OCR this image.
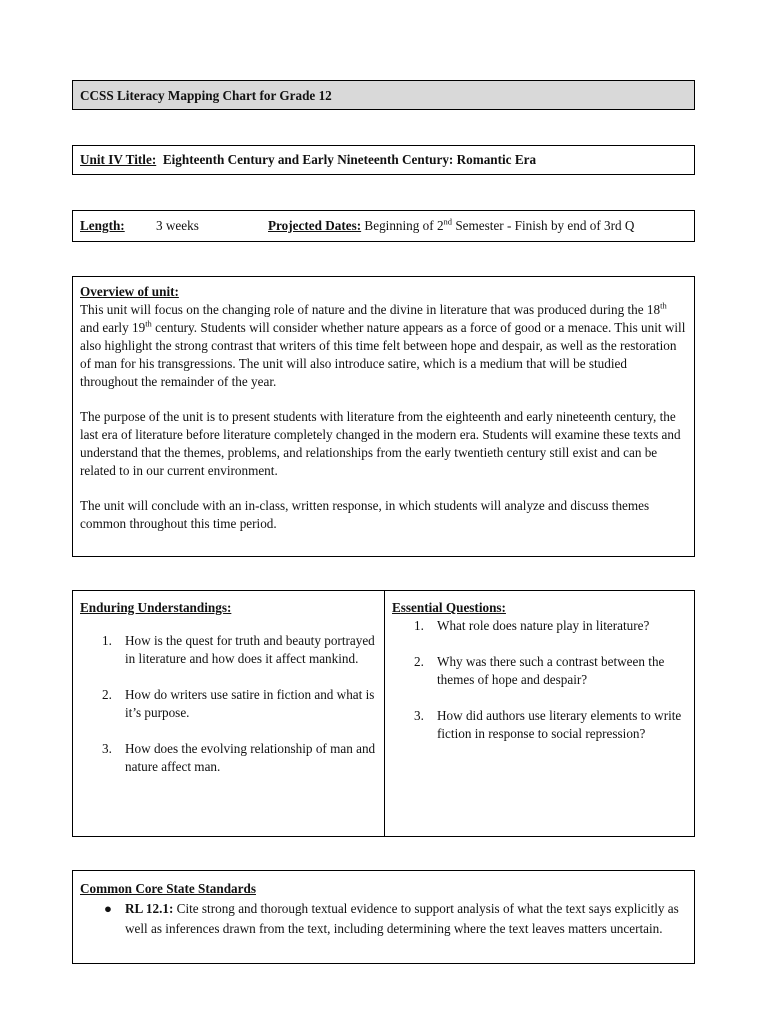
CCSS Literacy Mapping Chart for Grade 12
Unit IV Title: Eighteenth Century and Early Nineteenth Century: Romantic Era
Length: 3 weeks	Projected Dates: Beginning of 2nd Semester - Finish by end of 3rd Q
Overview of unit:

This unit will focus on the changing role of nature and the divine in literature that was produced during the 18th and early 19th century. Students will consider whether nature appears as a force of good or a menace. This unit will also highlight the strong contrast that writers of this time felt between hope and despair, as well as the restoration of man for his transgressions. The unit will also introduce satire, which is a medium that will be studied throughout the remainder of the year.

The purpose of the unit is to present students with literature from the eighteenth and early nineteenth century, the last era of literature before literature completely changed in the modern era. Students will examine these texts and understand that the themes, problems, and relationships from the early twentieth century still exist and can be related to in our current environment.

The unit will conclude with an in-class, written response, in which students will analyze and discuss themes common throughout this time period.

Enduring Understandings:
1. How is the quest for truth and beauty portrayed in literature and how does it affect mankind.
2. How do writers use satire in fiction and what is it’s purpose.
3. How does the evolving relationship of man and nature affect man.
Essential Questions:
1. What role does nature play in literature?
2. Why was there such a contrast between the themes of hope and despair?
3. How did authors use literary elements to write fiction in response to social repression?
Common Core State Standards
● RL 12.1: Cite strong and thorough textual evidence to support analysis of what the text says explicitly as well as inferences drawn from the text, including determining where the text leaves matters uncertain.
